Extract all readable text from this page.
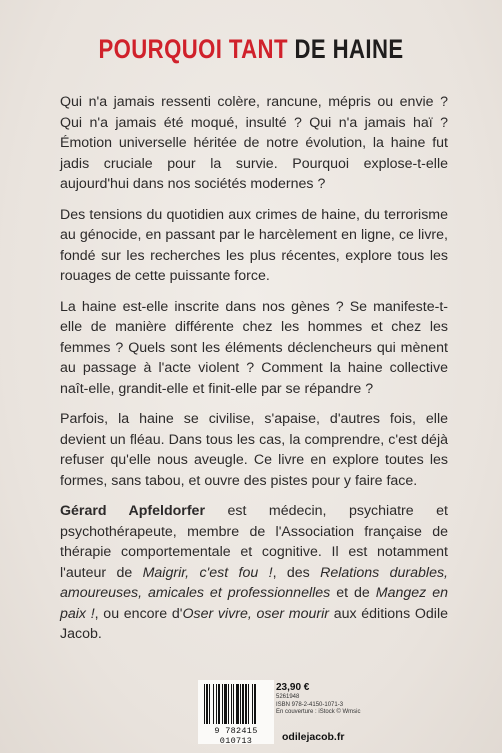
POURQUOI TANT DE HAINE

Qui n'a jamais ressenti colère, rancune, mépris ou envie ? Qui n'a jamais été moqué, insulté ? Qui n'a jamais haï ? Émotion universelle héritée de notre évolution, la haine fut jadis cruciale pour la survie. Pourquoi explose-t-elle aujourd'hui dans nos sociétés modernes ?

Des tensions du quotidien aux crimes de haine, du terrorisme au génocide, en passant par le harcèlement en ligne, ce livre, fondé sur les recherches les plus récentes, explore tous les rouages de cette puissante force.

La haine est-elle inscrite dans nos gènes ? Se manifeste-t-elle de manière différente chez les hommes et chez les femmes ? Quels sont les éléments déclencheurs qui mènent au passage à l'acte violent ? Comment la haine collective naît-elle, grandit-elle et finit-elle par se répandre ?

Parfois, la haine se civilise, s'apaise, d'autres fois, elle devient un fléau. Dans tous les cas, la comprendre, c'est déjà refuser qu'elle nous aveugle. Ce livre en explore toutes les formes, sans tabou, et ouvre des pistes pour y faire face.

Gérard Apfeldorfer est médecin, psychiatre et psychothérapeute, membre de l'Association française de thérapie comportementale et cognitive. Il est notamment l'auteur de Maigrir, c'est fou !, des Relations durables, amoureuses, amicales et professionnelles et de Mangez en paix !, ou encore d'Oser vivre, oser mourir aux éditions Odile Jacob.

9 782415 010713
23,90 €
5261948
ISBN 978-2-4150-1071-3
En couverture : iStock © Wmsic
odilejacob.fr
